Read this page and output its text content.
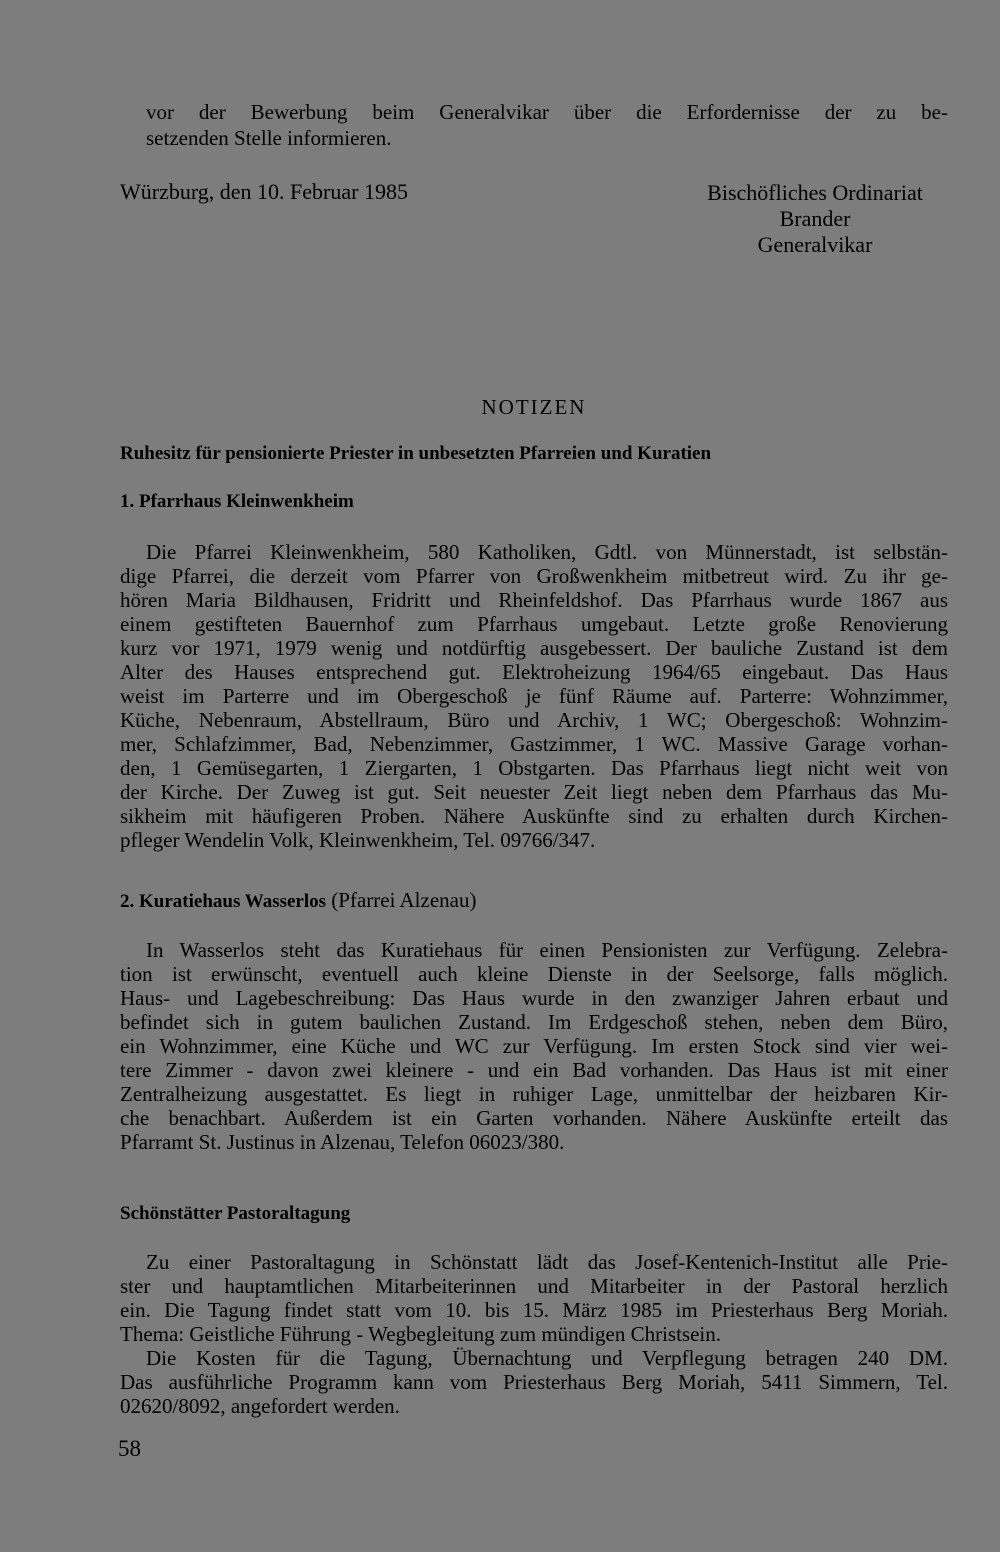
vor der Bewerbung beim Generalvikar über die Erfordernisse der zu be-
setzenden Stelle informieren.
Würzburg, den 10. Februar 1985	Bischöfliches Ordinariat
Brander
Generalvikar
NOTIZEN
Ruhesitz für pensionierte Priester in unbesetzten Pfarreien und Kuratien
1. Pfarrhaus Kleinwenkheim
Die Pfarrei Kleinwenkheim, 580 Katholiken, Gdtl. von Münnerstadt, ist selbstän-
dige Pfarrei, die derzeit vom Pfarrer von Großwenkheim mitbetreut wird. Zu ihr ge-
hören Maria Bildhausen, Fridritt und Rheinfeldshof. Das Pfarrhaus wurde 1867 aus
einem gestifteten Bauernhof zum Pfarrhaus umgebaut. Letzte große Renovierung
kurz vor 1971, 1979 wenig und notdürftig ausgebessert. Der bauliche Zustand ist dem
Alter des Hauses entsprechend gut. Elektroheizung 1964/65 eingebaut. Das Haus
weist im Parterre und im Obergeschoß je fünf Räume auf. Parterre: Wohnzimmer,
Küche, Nebenraum, Abstellraum, Büro und Archiv, 1 WC; Obergeschoß: Wohnzim-
mer, Schlafzimmer, Bad, Nebenzimmer, Gastzimmer, 1 WC. Massive Garage vorhan-
den, 1 Gemüsegarten, 1 Ziergarten, 1 Obstgarten. Das Pfarrhaus liegt nicht weit von
der Kirche. Der Zuweg ist gut. Seit neuester Zeit liegt neben dem Pfarrhaus das Mu-
sikheim mit häufigeren Proben. Nähere Auskünfte sind zu erhalten durch Kirchen-
pfleger Wendelin Volk, Kleinwenkheim, Tel. 09766/347.
2. Kuratiehaus Wasserlos (Pfarrei Alzenau)
In Wasserlos steht das Kuratiehaus für einen Pensionisten zur Verfügung. Zelebra-
tion ist erwünscht, eventuell auch kleine Dienste in der Seelsorge, falls möglich.
Haus- und Lagebeschreibung: Das Haus wurde in den zwanziger Jahren erbaut und
befindet sich in gutem baulichen Zustand. Im Erdgeschoß stehen, neben dem Büro,
ein Wohnzimmer, eine Küche und WC zur Verfügung. Im ersten Stock sind vier wei-
tere Zimmer - davon zwei kleinere - und ein Bad vorhanden. Das Haus ist mit einer
Zentralheizung ausgestattet. Es liegt in ruhiger Lage, unmittelbar der heizbaren Kir-
che benachbart. Außerdem ist ein Garten vorhanden. Nähere Auskünfte erteilt das
Pfarramt St. Justinus in Alzenau, Telefon 06023/380.
Schönstätter Pastoraltagung
Zu einer Pastoraltagung in Schönstatt lädt das Josef-Kentenich-Institut alle Prie-
ster und hauptamtlichen Mitarbeiterinnen und Mitarbeiter in der Pastoral herzlich
ein. Die Tagung findet statt vom 10. bis 15. März 1985 im Priesterhaus Berg Moriah.
Thema: Geistliche Führung - Wegbegleitung zum mündigen Christsein.
Die Kosten für die Tagung, Übernachtung und Verpflegung betragen 240 DM.
Das ausführliche Programm kann vom Priesterhaus Berg Moriah, 5411 Simmern, Tel.
02620/8092, angefordert werden.
58
